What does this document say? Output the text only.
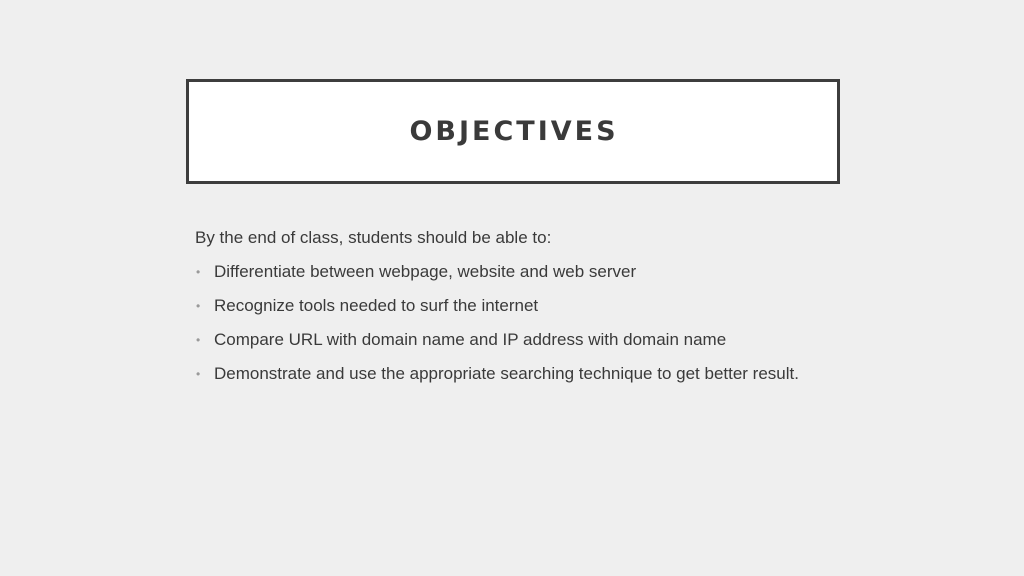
OBJECTIVES

By the end of class, students should be able to:

• Differentiate between webpage, website and web server
• Recognize tools needed to surf the internet
• Compare URL with domain name and IP address with domain name
• Demonstrate and use the appropriate searching technique to get better result.
